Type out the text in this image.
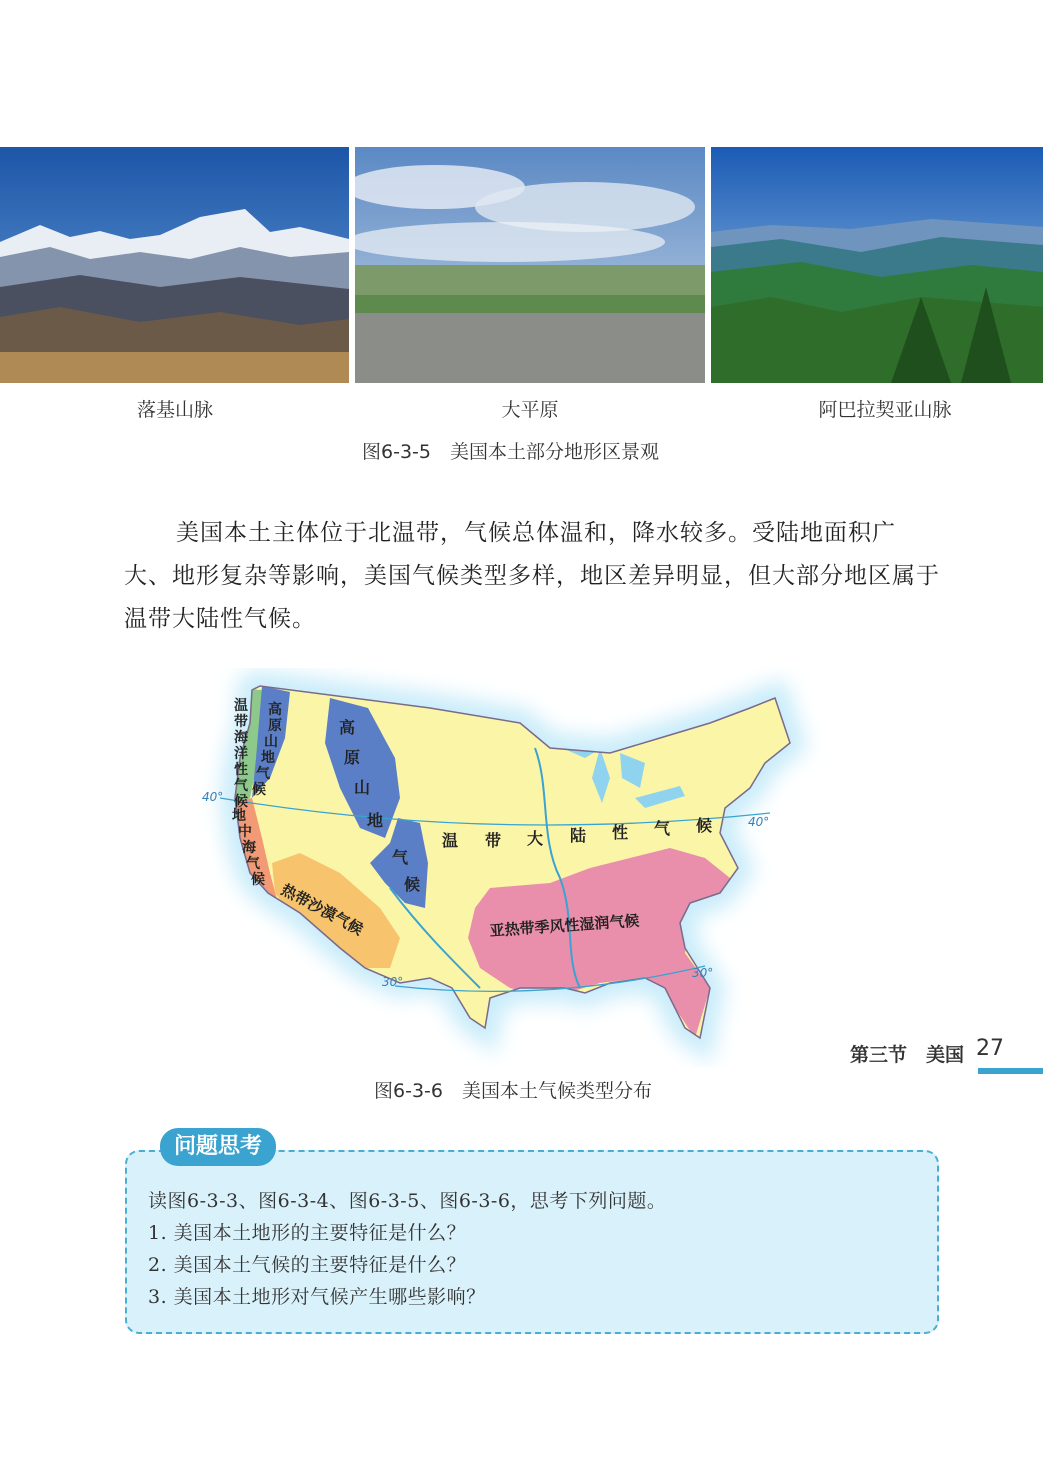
落基山脉	大平原	阿巴拉契亚山脉
图6-3-5　美国本土部分地形区景观

美国本土主体位于北温带，气候总体温和，降水较多。受陆地面积广

大、地形复杂等影响，美国气候类型多样，地区差异明显，但大部分地区属于

温带大陆性气候。

40°
40°
30°
30°
温
带
海
洋
性
气
候
高
原
山
地
气
候
高
原
山
地
气
候
地
中
海
气
候
温 带 大 陆 性 气 候
热带沙漠气候	亚热带季风性湿润气候
图6-3-6　美国本土气候类型分布
问题思考
读图6-3-3、图6-3-4、图6-3-5、图6-3-6，思考下列问题。
1. 美国本土地形的主要特征是什么？
2. 美国本土气候的主要特征是什么？
3. 美国本土地形对气候产生哪些影响？
第三节　美国 27
